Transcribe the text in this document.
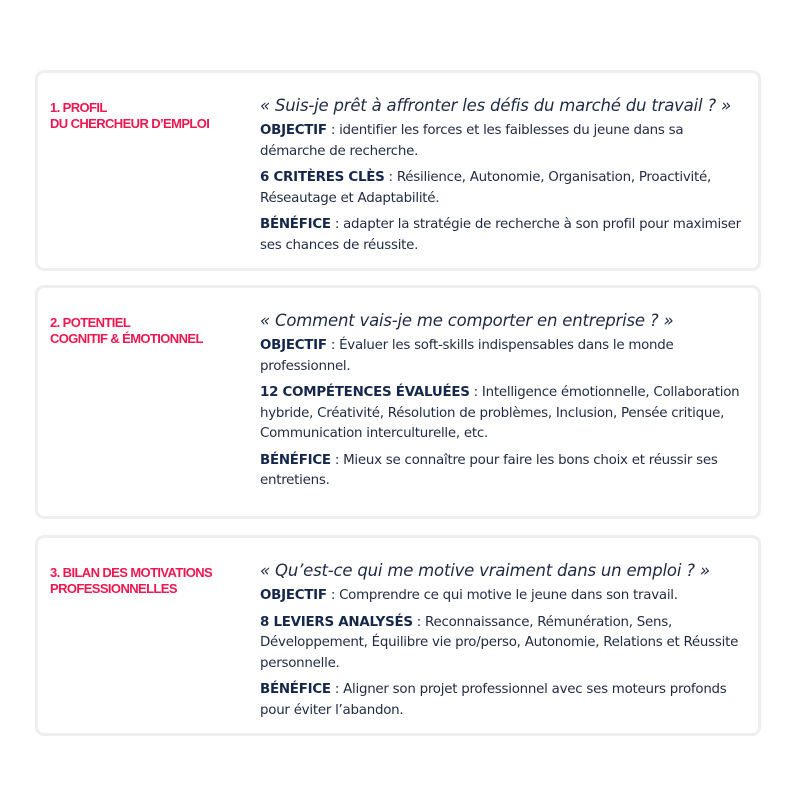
1. PROFIL
DU CHERCHEUR D’EMPLOI

« Suis-je prêt à affronter les défis du marché du travail ? »

OBJECTIF : identifier les forces et les faiblesses du jeune dans sa démarche de recherche.

6 CRITÈRES CLÈS : Résilience, Autonomie, Organisation, Proactivité, Réseautage et Adaptabilité.

BÉNÉFICE : adapter la stratégie de recherche à son profil pour maximiser ses chances de réussite.

2. POTENTIEL
COGNITIF & ÉMOTIONNEL

« Comment vais-je me comporter en entreprise ? »

OBJECTIF : Évaluer les soft-skills indispensables dans le monde professionnel.

12 COMPÉTENCES ÉVALUÉES : Intelligence émotionnelle, Collaboration hybride, Créativité, Résolution de problèmes, Inclusion, Pensée critique, Communication interculturelle, etc.

BÉNÉFICE : Mieux se connaître pour faire les bons choix et réussir ses entretiens.

3. BILAN DES MOTIVATIONS
PROFESSIONNELLES

« Qu’est-ce qui me motive vraiment dans un emploi ? »

OBJECTIF : Comprendre ce qui motive le jeune dans son travail.

8 LEVIERS ANALYSÉS : Reconnaissance, Rémunération, Sens, Développement, Équilibre vie pro/perso, Autonomie, Relations et Réussite personnelle.

BÉNÉFICE : Aligner son projet professionnel avec ses moteurs profonds pour éviter l’abandon.
